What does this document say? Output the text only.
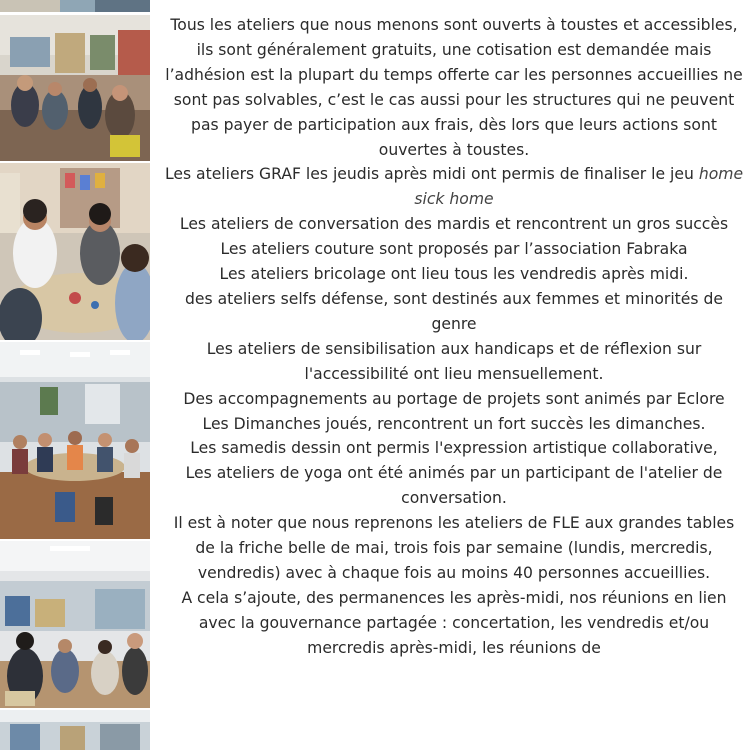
Tous les ateliers que nous menons sont ouverts à toustes et accessibles, ils sont généralement gratuits, une cotisation est demandée mais l’adhésion est la plupart du temps offerte car les personnes accueillies ne sont pas solvables, c’est le cas aussi pour les structures qui ne peuvent pas payer de participation aux frais, dès lors que leurs actions sont ouvertes à toustes.

Les ateliers GRAF les jeudis après midi ont permis de finaliser le jeu home sick home

Les ateliers de conversation des mardis et rencontrent un gros succès

Les ateliers couture sont proposés par l’association Fabraka

Les ateliers bricolage ont lieu tous les vendredis après midi.

des ateliers selfs défense, sont destinés aux femmes et minorités de genre

Les ateliers de sensibilisation aux handicaps et de réflexion sur l'accessibilité ont lieu mensuellement.

Des accompagnements au portage de projets sont animés par Eclore

Les Dimanches joués, rencontrent un fort succès les dimanches.

Les samedis dessin ont permis l'expression artistique collaborative,

Les ateliers de yoga ont été animés par un participant de l'atelier de conversation.

Il est à noter que nous reprenons les ateliers de FLE aux grandes tables de la friche belle de mai, trois fois par semaine (lundis, mercredis, vendredis) avec à chaque fois au moins 40 personnes accueillies.

A cela s’ajoute, des permanences les après-midi, nos réunions en lien avec la gouvernance partagée : concertation, les vendredis et/ou mercredis après-midi, les réunions de
